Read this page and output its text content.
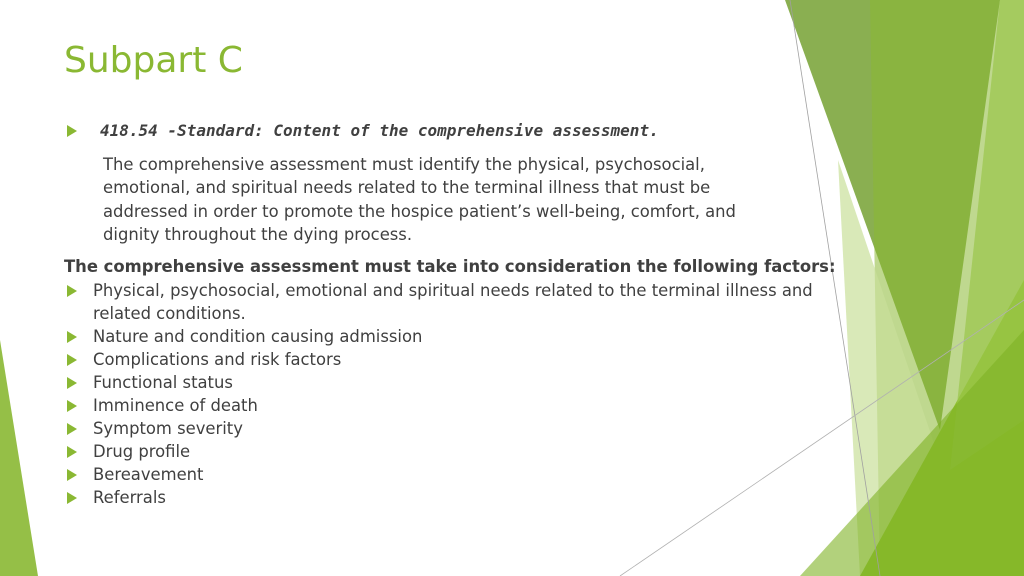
Subpart C
418.54 -Standard: Content of the comprehensive assessment.
The comprehensive assessment must identify the physical, psychosocial, emotional, and spiritual needs related to the terminal illness that must be addressed in order to promote the hospice patient’s well-being, comfort, and dignity throughout the dying process.
The comprehensive assessment must take into consideration the following factors:
Physical, psychosocial, emotional and spiritual needs related to the terminal illness and related conditions.
Nature and condition causing admission
Complications and risk factors
Functional status
Imminence of death
Symptom severity
Drug profile
Bereavement
Referrals
